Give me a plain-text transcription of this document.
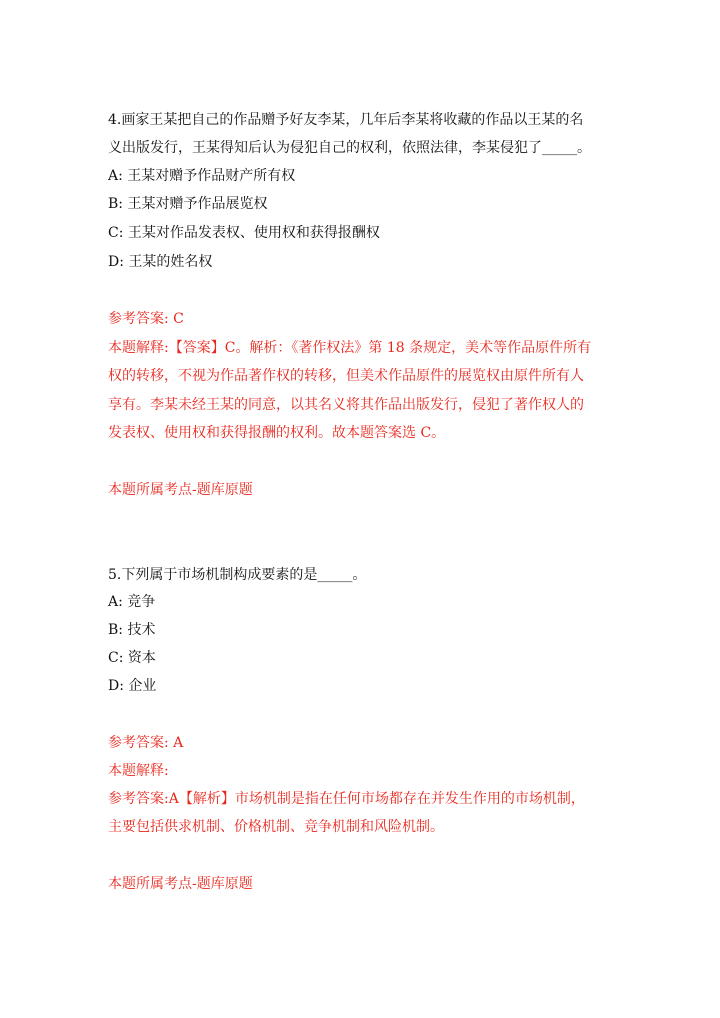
4.画家王某把自己的作品赠予好友李某，几年后李某将收藏的作品以王某的名
义出版发行，王某得知后认为侵犯自己的权利，依照法律，李某侵犯了_____。
A: 王某对赠予作品财产所有权
B: 王某对赠予作品展览权
C: 王某对作品发表权、使用权和获得报酬权
D: 王某的姓名权
参考答案: C
本题解释:【答案】C。解析：《著作权法》第 18 条规定，美术等作品原件所有
权的转移，不视为作品著作权的转移，但美术作品原件的展览权由原件所有人
享有。李某未经王某的同意，以其名义将其作品出版发行，侵犯了著作权人的
发表权、使用权和获得报酬的权利。故本题答案选 C。
本题所属考点-题库原题
5.下列属于市场机制构成要素的是_____。
A: 竞争
B: 技术
C: 资本
D: 企业
参考答案: A
本题解释:
参考答案:A【解析】市场机制是指在任何市场都存在并发生作用的市场机制，
主要包括供求机制、价格机制、竞争机制和风险机制。
本题所属考点-题库原题
